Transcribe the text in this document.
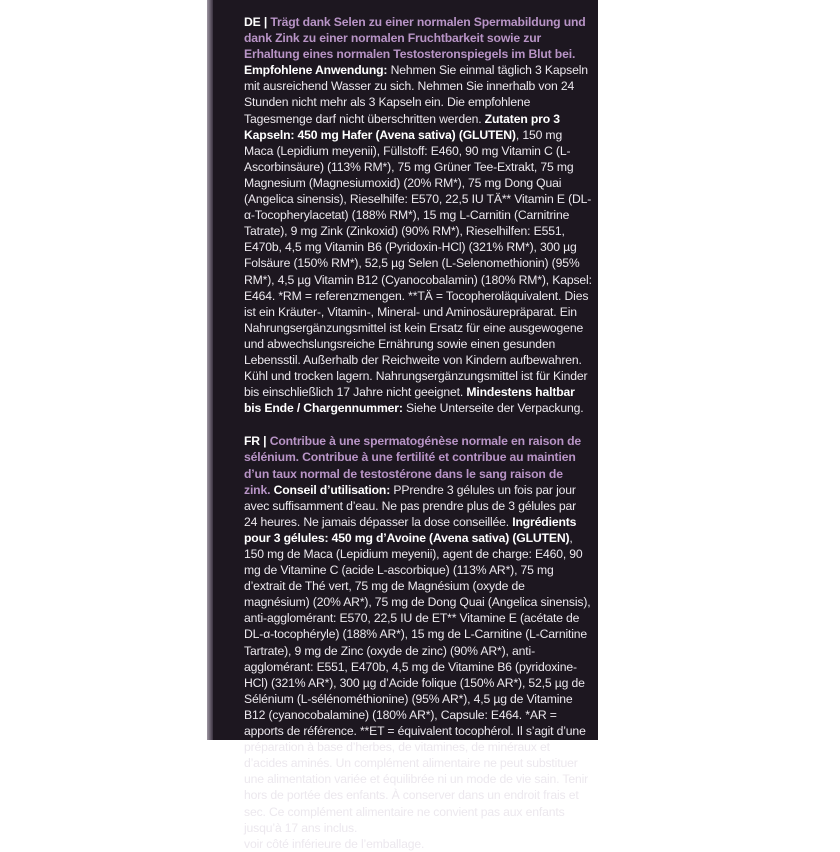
DE | Trägt dank Selen zu einer normalen Spermabildung und dank Zink zu einer normalen Fruchtbarkeit sowie zur Erhaltung eines normalen Testosteronspiegels im Blut bei. Empfohlene Anwendung: Nehmen Sie einmal täglich 3 Kapseln mit ausreichend Wasser zu sich. Nehmen Sie innerhalb von 24 Stunden nicht mehr als 3 Kapseln ein. Die empfohlene Tagesmenge darf nicht überschritten werden. Zutaten pro 3 Kapseln: 450 mg Hafer (Avena sativa) (GLUTEN), 150 mg Maca (Lepidium meyenii), Füllstoff: E460, 90 mg Vitamin C (L-Ascorbinsäure) (113% RM*), 75 mg Grüner Tee-Extrakt, 75 mg Magnesium (Magnesiumoxid) (20% RM*), 75 mg Dong Quai (Angelica sinensis), Rieselhilfe: E570, 22,5 IU TÄ** Vitamin E (DL-α-Tocopherylacetat) (188% RM*), 15 mg L-Carnitin (Carnitrine Tatrate), 9 mg Zink (Zinkoxid) (90% RM*), Rieselhilfen: E551, E470b, 4,5 mg Vitamin B6 (Pyridoxin-HCl) (321% RM*), 300 µg Folsäure (150% RM*), 52,5 µg Selen (L-Selenomethionin) (95% RM*), 4,5 µg Vitamin B12 (Cyanocobalamin) (180% RM*), Kapsel: E464. *RM = referenzmengen. **TÄ = Tocopheroläquivalent. Dies ist ein Kräuter-, Vitamin-, Mineral- und Aminosäurepräparat. Ein Nahrungsergänzungsmittel ist kein Ersatz für eine ausgewogene und abwechslungsreiche Ernährung sowie einen gesunden Lebensstil. Außerhalb der Reichweite von Kindern aufbewahren. Kühl und trocken lagern. Nahrungsergänzungsmittel ist für Kinder bis einschließlich 17 Jahre nicht geeignet. Mindestens haltbar bis Ende / Chargennummer: Siehe Unterseite der Verpackung.

FR | Contribue à une spermatogénèse normale en raison de sélénium. Contribue à une fertilité et contribue au maintien d’un taux normal de testostérone dans le sang raison de zink. Conseil d’utilisation: PPrendre 3 gélules un fois par jour avec suffisamment d’eau. Ne pas prendre plus de 3 gélules par 24 heures. Ne jamais dépasser la dose conseillée. Ingrédients pour 3 gélules: 450 mg d’Avoine (Avena sativa) (GLUTEN), 150 mg de Maca (Lepidium meyenii), agent de charge: E460, 90 mg de Vitamine C (acide L-ascorbique) (113% AR*), 75 mg d’extrait de Thé vert, 75 mg de Magnésium (oxyde de magnésium) (20% AR*), 75 mg de Dong Quai (Angelica sinensis), anti-agglomérant: E570, 22,5 IU de ET** Vitamine E (acétate de DL-α-tocophéryle) (188% AR*), 15 mg de L-Carnitine (L-Carnitine Tartrate), 9 mg de Zinc (oxyde de zinc) (90% AR*), anti-agglomérant: E551, E470b, 4,5 mg de Vitamine B6 (pyridoxine-HCl) (321% AR*), 300 µg d’Acide folique (150% AR*), 52,5 µg de Sélénium (L-sélénométhionine) (95% AR*), 4,5 µg de Vitamine B12 (cyanocobalamine) (180% AR*), Capsule: E464. *AR = apports de référence. **ET = équivalent tocophérol. Il s’agit d’une préparation à base d’herbes, de vitamines, de minéraux et d’acides aminés. Un complément alimentaire ne peut substituer une alimentation variée et équilibrée ni un mode de vie sain. Tenir hors de portée des enfants. À conserver dans un endroit frais et sec. Ce complément alimentaire ne convient pas aux enfants jusqu’à 17 ans inclus. À consommer avant fin / Numéro de lot: voir côté inférieure de l’emballage.
